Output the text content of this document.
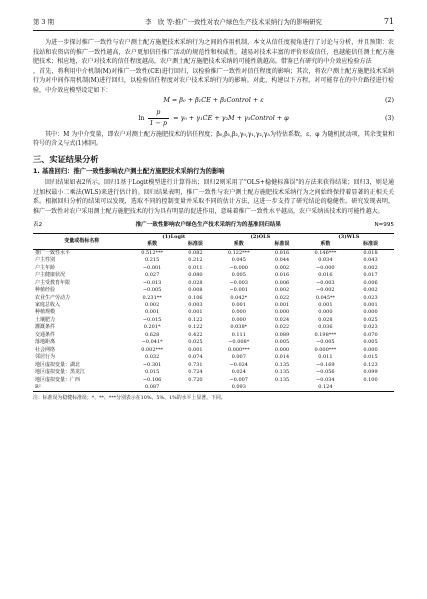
第 3 期	李　欣 等:推广一致性对农户绿色生产技术采纳行为的影响研究	71

为进一步探讨推广一致性与农户测土配方施肥技术采纳行为之间的作用机制，本文从信任度视角进行了讨论与分析，并且预期：农技站和农资店的推广一致性越高，农户更加信任推广活动的规范性和权威性，越易对技术丰富的评价形成信任，也越能信任测土配方施肥技术；相应地，农户对技术的信任程度越高，农户测土配方施肥技术采纳的可能性就越高。借鉴已有研究的中介效应检验方法

，首先，将利用中介机制(M)对推广一致性(CE)进行回归，以检验推广一致性对信任程度的影响；其次，将农户测土配方施肥技术采纳行为对中间作用机制(M)进行回归，以检验信任程度对农户技术采纳行为的影响。对此，构建以下方程，对可能存在的中介路径进行检验，中介效应模型设定如下：

M = β₀ + β₁CE + β₂Control + ε	(2)
$\ln \frac{p}{1 - p} = \gamma_0 + \gamma_1CE + \gamma_2M$ + γ₃Control + φ	(3)

其中：M 为中介变量，即农户对测土配方施肥技术的信任程度；β₀,β₁,β₂,γ₀,γ₁,γ₂,γ₃为待估系数，ε、φ 为随机扰动项，其余变量和符号的含义与式(1)相同。

三、实证结果分析
1. 基准回归：推广一致性影响农户测土配方施肥技术采纳行为的影响

回归结果如表2所示。回归1基于Logit模型进行计算得出；回归2则采用了"OLS+稳健标准误"的方法来获得结果；回归3，则是通过加权最小二乘法(WLS)来进行估计的。回归结果表明，推广一致性与农户测土配方施肥技术采纳行为之间始终保持着显著的正相关关系。根据回归分析的结果可以发现，选取不同的控制变量并采取不同的估计方法，这进一步支持了研究结论的稳健性。研究发现表明，推广一致性对农户采用测土配方施肥技术的行为具有明显的促进作用，意味着推广一致性水平越高，农户采纳该技术的可能性越大。

表2	推广一致性影响农户绿色生产技术采纳行为的基准回归结果	N=995
变量或指标名称	(1)Logit		(2)OLS		(3)WLS	
	系数	标准误	系数	标准误	系数	标准误
推广一致性水平	0.512***	0.082	0.122***	0.016	0.146***	0.018
户主性别	0.215	0.212	0.045	0.044	0.034	0.043
户主年龄	−0.001	0.011	−0.000	0.002	−0.000	0.002
户主健康状况	0.027	0.080	0.005	0.016	0.016	0.017
户主受教育年限	−0.013	0.028	−0.003	0.006	−0.003	0.006
种植经验	−0.005	0.008	−0.001	0.002	−0.002	0.002
农业生产劳动力	0.231**	0.106	0.042*	0.022	0.045**	0.023
家庭总收入	0.002	0.003	0.001	0.001	0.001	0.001
种植规模	0.001	0.001	0.000	0.000	0.000	0.000
土壤肥力	−0.015	0.122	0.000	0.024	0.028	0.025
灌溉条件	0.201*	0.122	0.038*	0.022	0.036	0.023
交通条件	0.628	0.422	0.111	0.089	0.198***	0.070
落地距离	−0.041*	0.025	−0.008*	0.005	−0.005	0.005
社会网络	0.002***	0.001	0.000***	0.000	0.000***	0.000
邻居行为	0.032	0.074	0.007	0.014	0.011	0.015
地区虚拟变量：湖北	−0.301	0.731	−0.024	0.135	−0.169	0.123
地区虚拟变量：黑龙江	0.015	0.724	0.024	0.135	−0.056	0.099
地区虚拟变量：广西	−0.106	0.720	−0.007	0.135	−0.034	0.100
R²	0.087		0.093		0.124	
注：标准误为稳健标准误；*、**、***分别表示在10%、5%、1%的水平上显著。下同。
